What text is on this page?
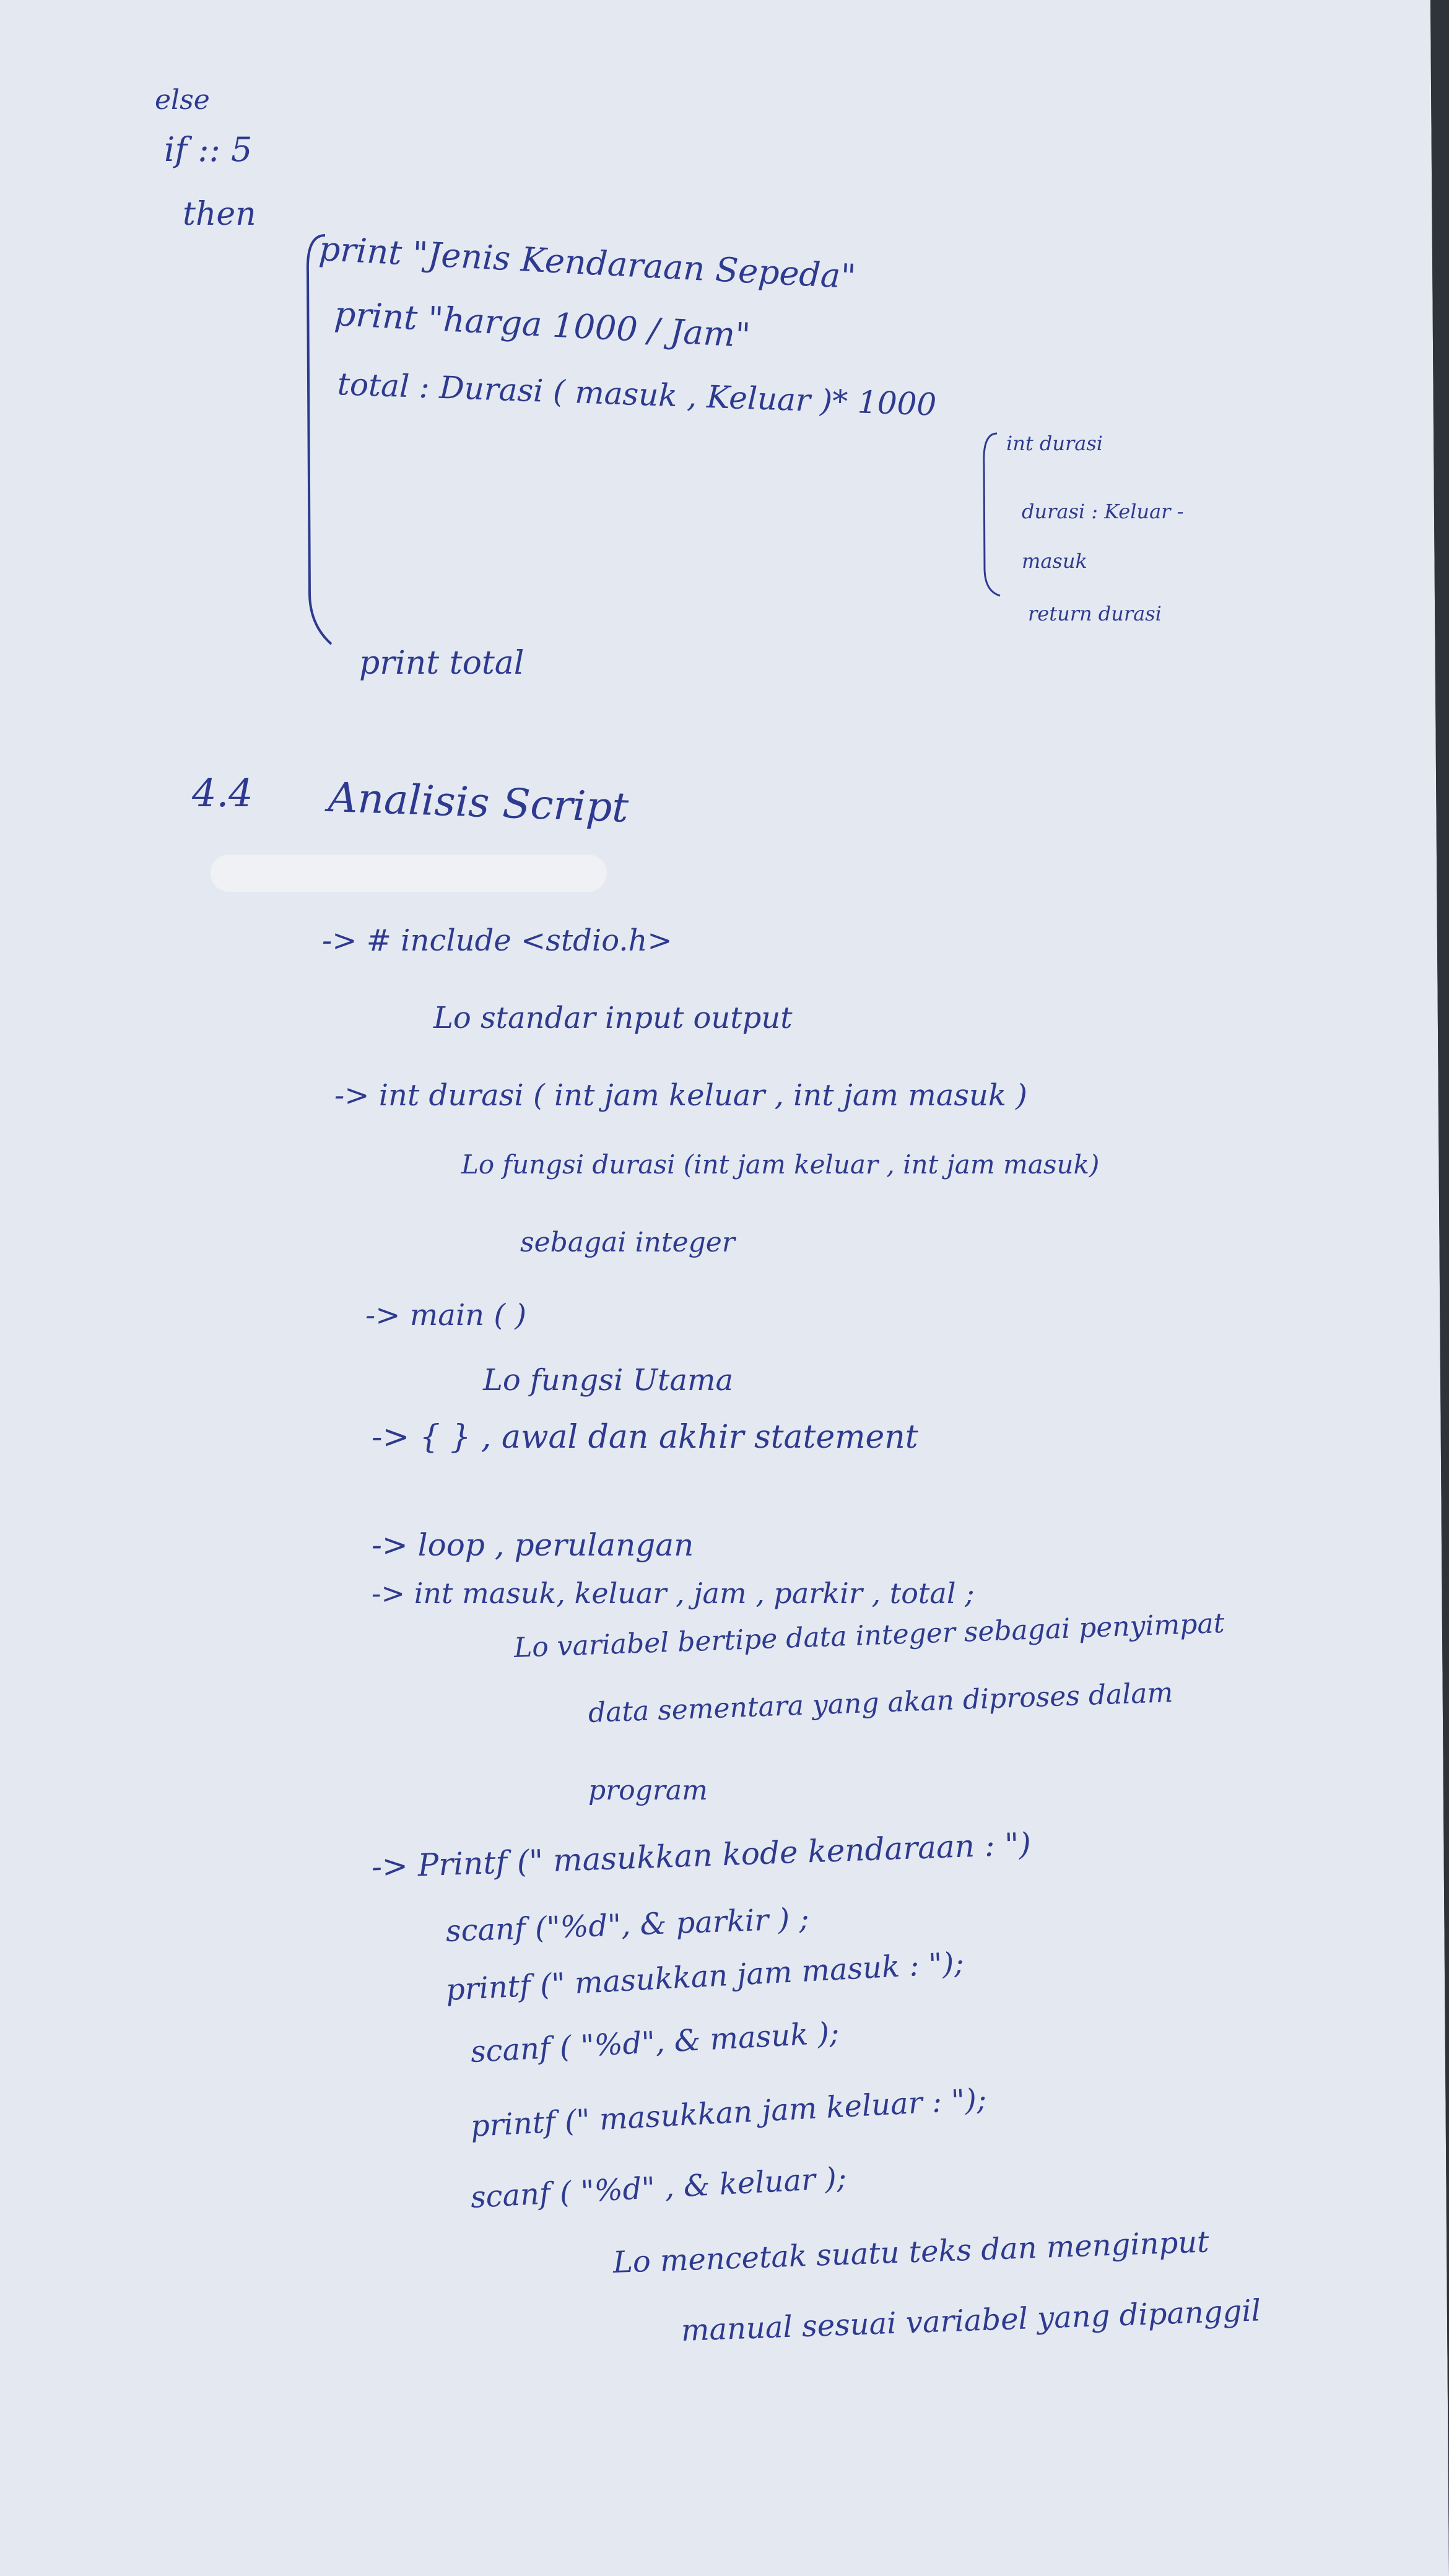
else
if :: 5
then
print "Jenis Kendaraan Sepeda"
print "harga 1000 / Jam"
total : Durasi ( masuk , Keluar )* 1000
int durasi
durasi : Keluar -
masuk
return durasi
print total
4.4 Analisis Script
-> # include <stdio.h>
Lo standar input output
-> int durasi ( int jam keluar , int jam masuk )
Lo fungsi durasi (int jam keluar , int jam masuk)
sebagai integer
-> main ( )
Lo fungsi Utama
-> { } , awal dan akhir statement
-> loop , perulangan
-> int masuk, keluar , jam , parkir , total ;
Lo variabel bertipe data integer sebagai penyimpat
data sementara yang akan diproses dalam
program
-> Printf (" masukkan kode kendaraan : ")
scanf ("%d", & parkir ) ;
printf (" masukkan jam masuk : ");
scanf ( "%d", & masuk );
printf (" masukkan jam keluar : ");
scanf ( "%d" , & keluar );
Lo mencetak suatu teks dan menginput
manual sesuai variabel yang dipanggil
